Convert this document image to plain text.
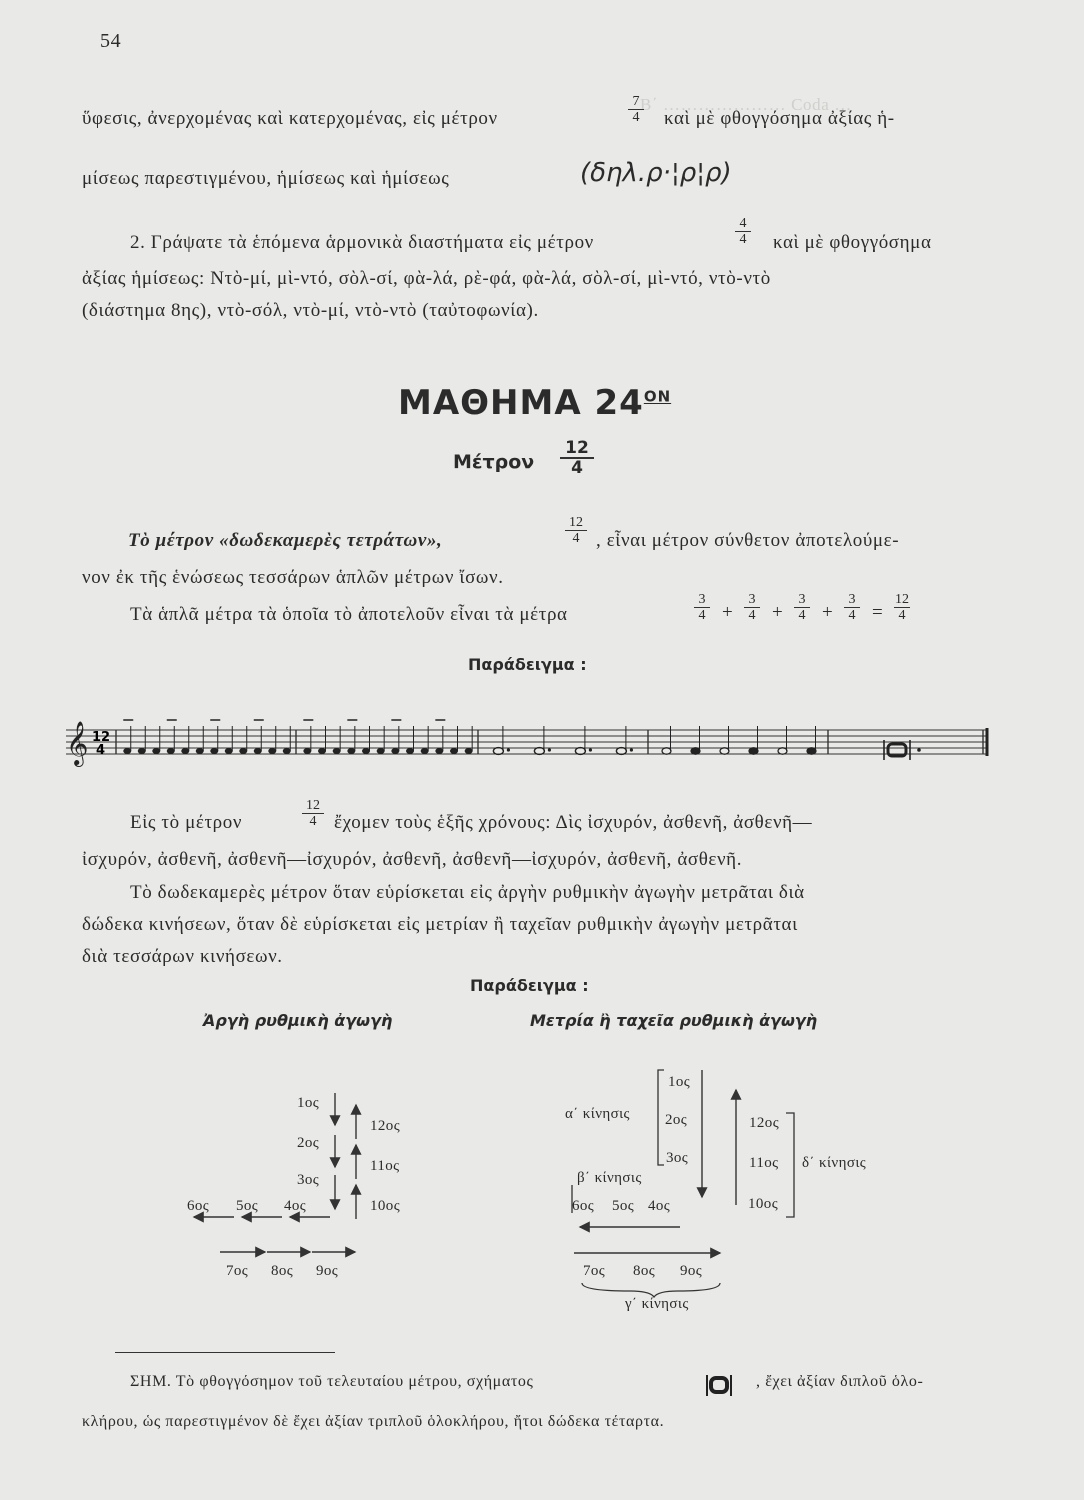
Β΄ ………………… Coda …
54
ὕφεσις, ἀνερχομένας καὶ κατερχομένας, εἰς μέτρον
7
4 καὶ μὲ φθογγόσημα ἀξίας ἡ-
μίσεως παρεστιγμένου, ἡμίσεως καὶ ἡμίσεως	(δηλ.ρ·¦ρ¦ρ)
2. Γράψατε τὰ ἑπόμενα ἁρμονικὰ διαστήματα εἰς μέτρον
4
4 καὶ μὲ φθογγόσημα
ἀξίας ἡμίσεως: Ντὸ-μί, μὶ-ντό, σὸλ-σί, φὰ-λά, ρὲ-φά, φὰ-λά, σὸλ-σί, μὶ-ντό, ντὸ-ντὸ
(διάστημα 8ης), ντὸ-σόλ, ντὸ-μί, ντὸ-ντὸ (ταὐτοφωνία).
ΜΑΘΗΜΑ $24^{ON}$
Μέτρον
12
4
Τὸ μέτρον «δωδεκαμερὲς τετράτων»,
12
4 , εἶναι μέτρον σύνθετον ἀποτελούμε-
νον ἐκ τῆς ἑνώσεως τεσσάρων ἁπλῶν μέτρων ἴσων.
Τὰ ἁπλᾶ μέτρα τὰ ὁποῖα τὸ ἀποτελοῦν εἶναι τὰ μέτρα
3
4 +
3
4 +
3
4 +
3
4 =
12
4
Παράδειγμα :
𝄞 12
4
Εἰς τὸ μέτρον
12
4 ἔχομεν τοὺς ἑξῆς χρόνους: Δὶς ἰσχυρόν, ἀσθενῆ, ἀσθενῆ—
ἰσχυρόν, ἀσθενῆ, ἀσθενῆ—ἰσχυρόν, ἀσθενῆ, ἀσθενῆ—ἰσχυρόν, ἀσθενῆ, ἀσθενῆ.
Τὸ δωδεκαμερὲς μέτρον ὅταν εὑρίσκεται εἰς ἀργὴν ρυθμικὴν ἀγωγὴν μετρᾶται διὰ
δώδεκα κινήσεων, ὅταν δὲ εὑρίσκεται εἰς μετρίαν ἢ ταχεῖαν ρυθμικὴν ἀγωγὴν μετρᾶται
διὰ τεσσάρων κινήσεων.
Παράδειγμα :
Ἀργὴ ρυθμικὴ ἀγωγὴ	Μετρία ἢ ταχεῖα ρυθμικὴ ἀγωγὴ
1ος
2ος
3ος
4ος
5ος
6ος
7ος 8ος 9ος
10ος
11ος
12ος
α΄ κίνησις
β΄ κίνησις
γ΄ κίνησις
δ΄ κίνησις
1ος
2ος
3ος
4ος
5ος
6ος
7ος 8ος 9ος
10ος
11ος
12ος
ΣΗΜ. Τὸ φθογγόσημον τοῦ τελευταίου μέτρου, σχήματος	, ἔχει ἀξίαν διπλοῦ ὁλο-
κλήρου, ὡς παρεστιγμένον δὲ ἔχει ἀξίαν τριπλοῦ ὁλοκλήρου, ἤτοι δώδεκα τέταρτα.
